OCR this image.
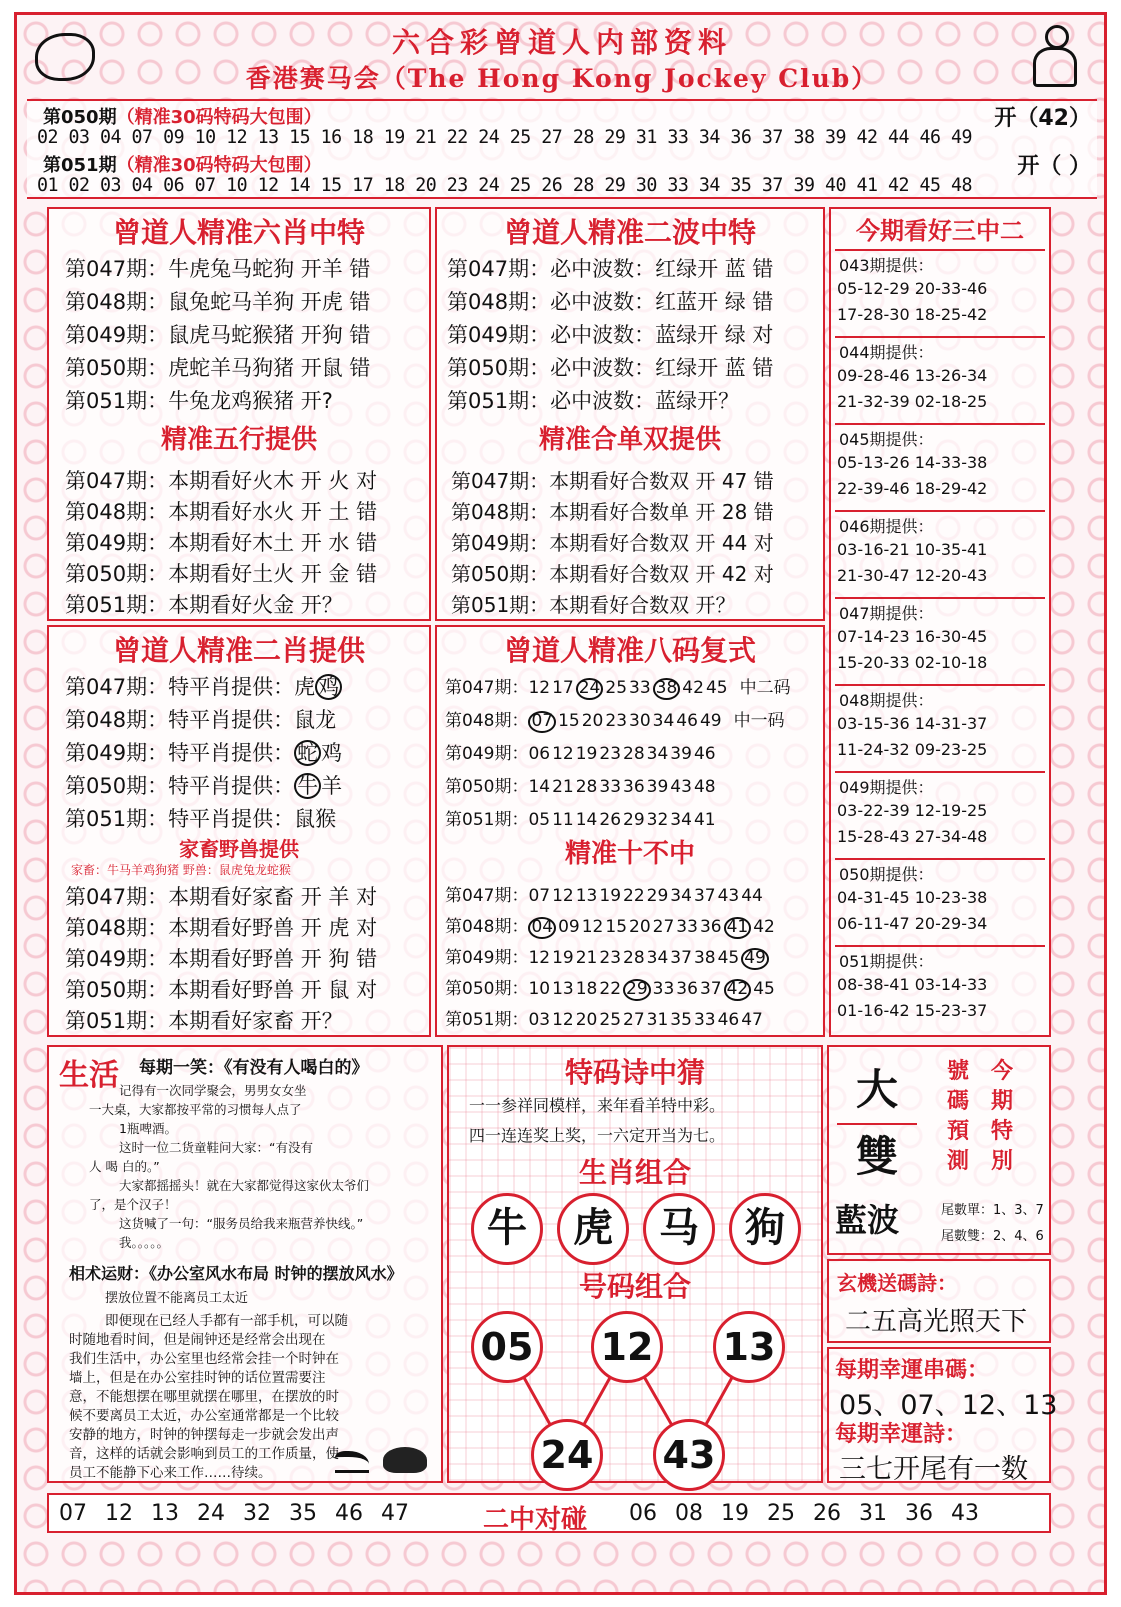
六合彩曾道人内部资料
香港赛马会（The Hong Kong Jockey Club）
第050期（精准30码特码大包围）	开（42）
02 03 04 07 09 10 12 13 15 16 18 19 21 22 24 25 27 28 29 31 33 34 36 37 38 39 42 44 46 49
第051期（精准30码特码大包围）	开（ ）
01 02 03 04 06 07 10 12 14 15 17 18 20 23 24 25 26 28 29 30 33 34 35 37 39 40 41 42 45 48
曾道人精准六肖中特
第047期：牛虎兔马蛇狗 开羊 错
第048期：鼠兔蛇马羊狗 开虎 错
第049期：鼠虎马蛇猴猪 开狗 错
第050期：虎蛇羊马狗猪 开鼠 错
第051期：牛兔龙鸡猴猪 开?
精准五行提供
第047期：本期看好火木 开 火 对
第048期：本期看好水火 开 土 错
第049期：本期看好木土 开 水 错
第050期：本期看好土火 开 金 错
第051期：本期看好火金 开？
曾道人精准二波中特
第047期：必中波数：红绿开 蓝 错
第048期：必中波数：红蓝开 绿 错
第049期：必中波数：蓝绿开 绿 对
第050期：必中波数：红绿开 蓝 错
第051期：必中波数：蓝绿开？
精准合单双提供
第047期：本期看好合数双 开 47 错
第048期：本期看好合数单 开 28 错
第049期：本期看好合数双 开 44 对
第050期：本期看好合数双 开 42 对
第051期：本期看好合数双 开？
曾道人精准二肖提供
第047期：特平肖提供：虎 鸡
第048期：特平肖提供：鼠龙
第049期：特平肖提供： 蛇 鸡
第050期：特平肖提供： 牛 羊
第051期：特平肖提供：鼠猴
家畜野兽提供
家畜：牛马羊鸡狗猪 野兽：鼠虎兔龙蛇猴
第047期：本期看好家畜 开 羊 对
第048期：本期看好野兽 开 虎 对
第049期：本期看好野兽 开 狗 错
第050期：本期看好野兽 开 鼠 对
第051期：本期看好家畜 开？
曾道人精准八码复式
第047期：12 17 24 25 33 38 42 45 中二码
第048期： 07 15 20 23 30 34 46 49 中一码
第049期：06 12 19 23 28 34 39 46
第050期：14 21 28 33 36 39 43 48
第051期：05 11 14 26 29 32 34 41
精准十不中
第047期：07 12 13 19 22 29 34 37 43 44
第048期： 04 09 12 15 20 27 33 36 41 42
第049期：12 19 21 23 28 34 37 38 45 49
第050期：10 13 18 22 29 33 36 37 42 45
第051期：03 12 20 25 27 31 35 33 46 47
今期看好三中二
043期提供：
05-12-29 20-33-46
17-28-30 18-25-42
044期提供：
09-28-46 13-26-34
21-32-39 02-18-25
045期提供：
05-13-26 14-33-38
22-39-46 18-29-42
046期提供：
03-16-21 10-35-41
21-30-47 12-20-43
047期提供：
07-14-23 16-30-45
15-20-33 02-10-18
048期提供：
03-15-36 14-31-37
11-24-32 09-23-25
049期提供：
03-22-39 12-19-25
15-28-43 27-34-48
050期提供：
04-31-45 10-23-38
06-11-47 20-29-34
051期提供：
08-38-41 03-14-33
01-16-42 15-23-37
生活 每期一笑：《有没有人喝白的》
记得有一次同学聚会，男男女女坐
一大桌，大家都按平常的习惯每人点了
1瓶啤酒。
这时一位二货童鞋问大家：“有没有
人 喝 白的。”
大家都摇摇头！就在大家都觉得这家伙太爷们
了，是个汉子！
这货喊了一句：“服务员给我来瓶营养快线。”
我。。。。。
相术运财：《办公室风水布局 时钟的摆放风水》
摆放位置不能离员工太近
即便现在已经人手都有一部手机，可以随
时随地看时间，但是闹钟还是经常会出现在
我们生活中，办公室里也经常会挂一个时钟在
墙上，但是在办公室挂时钟的话位置需要注
意，不能想摆在哪里就摆在哪里，在摆放的时
候不要离员工太近，办公室通常都是一个比较
安静的地方，时钟的钟摆每走一步就会发出声
音，这样的话就会影响到员工的工作质量，使
员工不能静下心来工作……待续。
特码诗中猜
一一参祥同模样，来年看羊特中彩。
四一连连奖上奖，一六定开当为七。
生肖组合
牛	虎	马	狗
号码组合
05 12 13
24 43
大
雙
號碼預測
今期特別
藍波	尾數單：1、3、7
尾數雙：2、4、6
玄機送碼詩：
二五高光照天下
每期幸運串碼：
05、07、12、13
每期幸運詩：
三七开尾有一数
07 12 13 24 32 35 46 47	二中对碰 06 08 19 25 26 31 36 43
